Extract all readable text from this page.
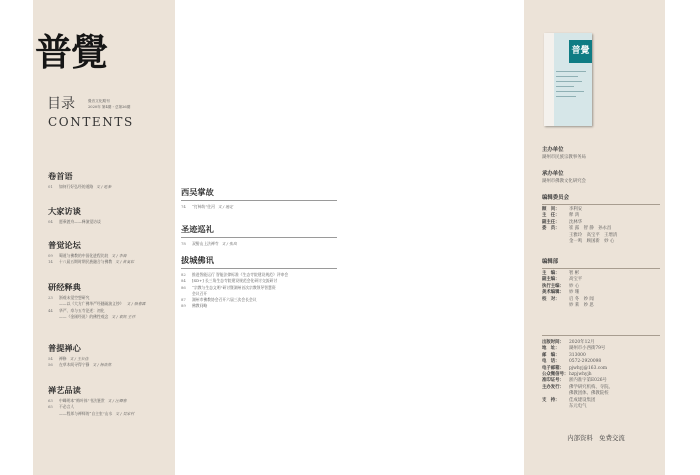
普覺
目录	覺音文化期刊
2020年 第4期・总第26期
CONTENTS
卷首语
01 如何行好弘经的道路 文 / 延参
大家访谈
04 愿乘渡舟——释演觉访谈
普觉论坛
09 蜀道与佛教的中国化进程比较 文 / 李海
14 十八届五期时期民族融合与佛教 文 / 黄复彩
研经释典
23 浙观未觉空想研究
——以《大方广佛华严经随疏演义钞》 文 / 骆春霖
44 华严、寿与五寺论述：初化
——《金刚经说》的佛性观念 文 / 袁凯 王祥
普提禅心
54 禅修 文 / 王长佳
56 在草木间寻得宁静 文 / 杨浩然
禅艺品读
63 中峰明本“梅叶体”书法鉴赏 文 / 汪卿春
65 不必言人
——程邦与禅师的“自主室”山水 文 / 吴家村
西吴掌故
74 “打柿坊”往河 文 / 施定
圣迹巡礼
78 双髻山上法禅寺 文 / 张岚
拔城佛讯
82 推进智能运行 智能法律标准《生态寺院建设规范》评审会
84 [SD+] 长三角生态寺院建设规范会化研讨交流研讨
86 “宗教与生态文明”研讨暨湖州首次宗教领导智慧资
会议召开
87 湖州市佛教协会召开六届三次会长会议
89 佛教问略
普覺
主办单位
湖州市民族宗教事务局
承办单位
湖州市佛教文化研究会
编辑委员会
顾　问： 李利安
主　任： 释 鸿
副主任： 沈林华
委　员： 崔 露　智 静　孙永昌
王雅玲　高宝平　王增清
金一鸣　顾国新　妙 心
编辑部
主　编： 智 彬
副主编： 高宝平
执行主编： 妙 心
美术编辑： 妙 珊
校　对： 启 冬　妙 闻
妙 莱　妙 思
出版时间： 2020年12月
地　址： 湖州市小西街79号
邮　编： 313000
电　话： 0572-2920098
电子邮箱： pjwhyj@163.com
公众微信号：hzpjwhyjh
准印证号： 浙内准字第E026号
主办发行： 佛学研究机构、寺院、
佛教团体、佛教院校
支　持： 佳成建设集团
东元电气
内部资料　免费交流
